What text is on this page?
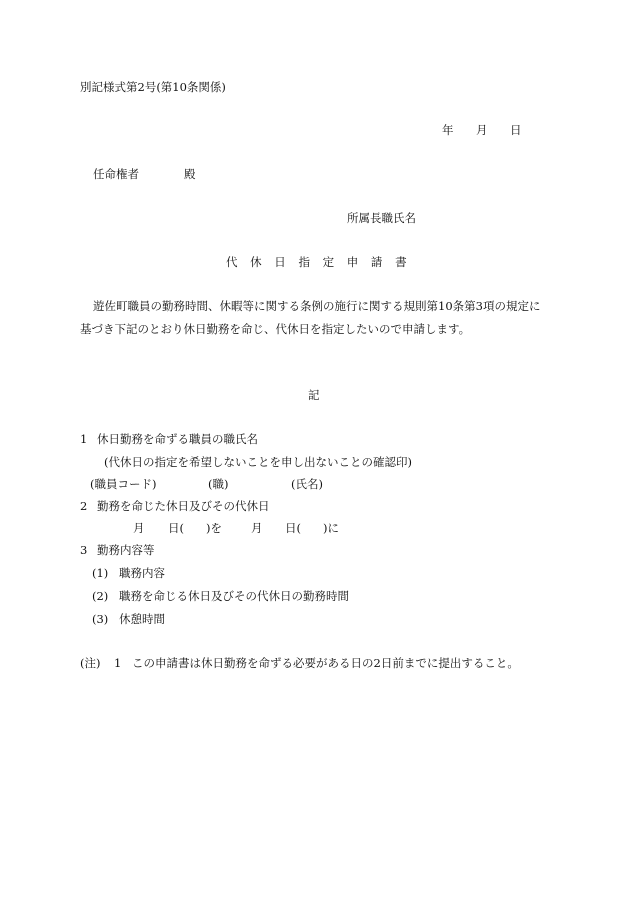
別記様式第2号(第10条関係)
年 月 日
任命権者	殿
所属長職氏名
代 休 日 指 定 申 請 書
遊佐町職員の勤務時間、休暇等に関する条例の施行に関する規則第10条第3項の規定に
基づき下記のとおり休日勤務を命じ、代休日を指定したいので申請します。
記
1 休日勤務を命ずる職員の職氏名
(代休日の指定を希望しないことを申し出ないことの確認印)
(職員コード)	(職)	(氏名)
2 勤務を命じた休日及びその代休日
月 日( )を	月 日( )に
3 勤務内容等
(1) 職務内容
(2) 職務を命じる休日及びその代休日の勤務時間
(3) 休憩時間
(注) 1 この申請書は休日勤務を命ずる必要がある日の2日前までに提出すること。
